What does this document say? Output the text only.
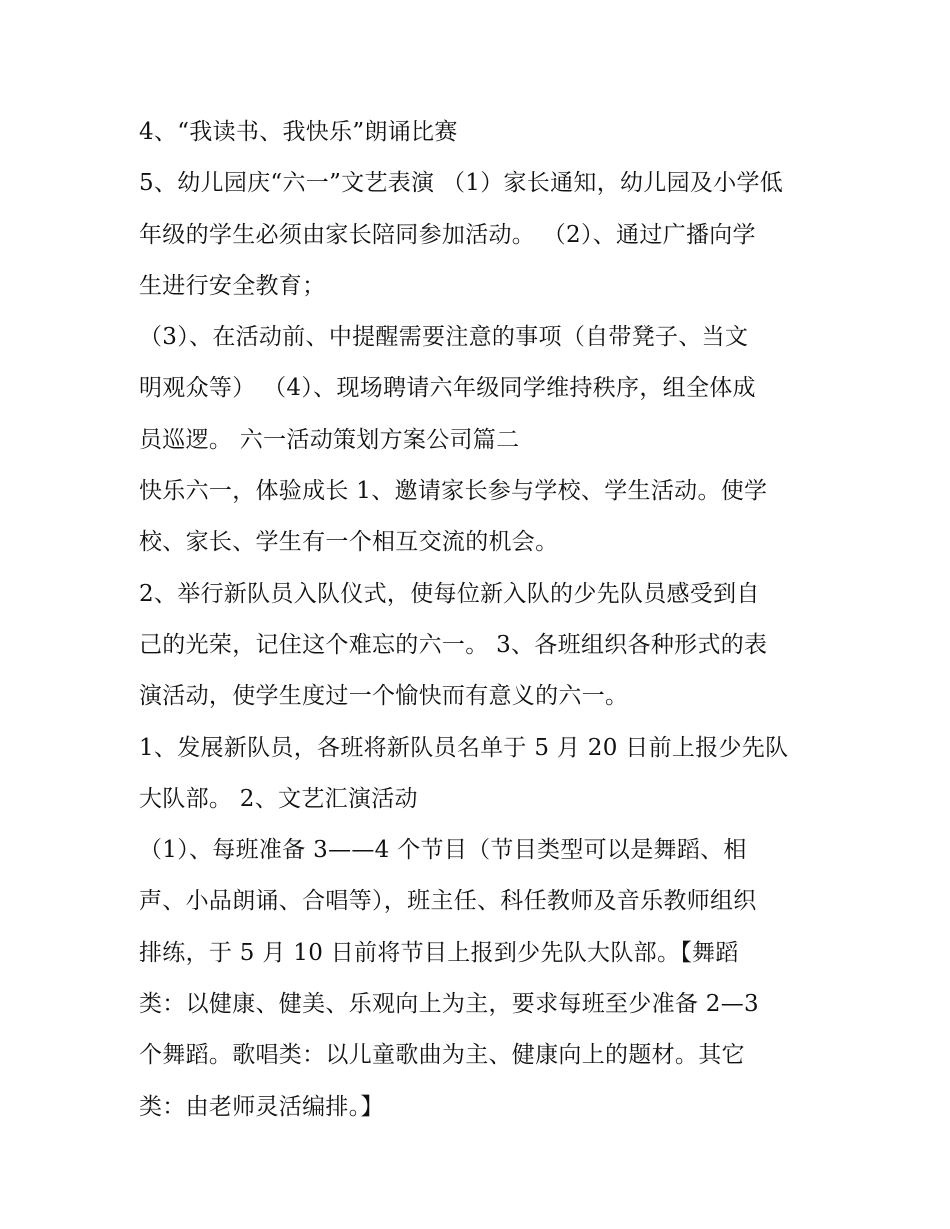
4、“我读书、我快乐”朗诵比赛
5、幼儿园庆“六一”文艺表演 （1）家长通知，幼儿园及小学低
年级的学生必须由家长陪同参加活动。 （2）、通过广播向学
生进行安全教育；
（3）、在活动前、中提醒需要注意的事项（自带凳子、当文
明观众等） （4）、现场聘请六年级同学维持秩序，组全体成
员巡逻。 六一活动策划方案公司篇二
快乐六一，体验成长 1、邀请家长参与学校、学生活动。使学
校、家长、学生有一个相互交流的机会。
2、举行新队员入队仪式，使每位新入队的少先队员感受到自
己的光荣，记住这个难忘的六一。 3、各班组织各种形式的表
演活动，使学生度过一个愉快而有意义的六一。
1、发展新队员，各班将新队员名单于 5 月 20 日前上报少先队
大队部。 2、文艺汇演活动
（1）、每班准备 3——4 个节目（节目类型可以是舞蹈、相
声、小品朗诵、合唱等），班主任、科任教师及音乐教师组织
排练，于 5 月 10 日前将节目上报到少先队大队部。【舞蹈
类：以健康、健美、乐观向上为主，要求每班至少准备 2—3
个舞蹈。歌唱类：以儿童歌曲为主、健康向上的题材。其它
类：由老师灵活编排。】
